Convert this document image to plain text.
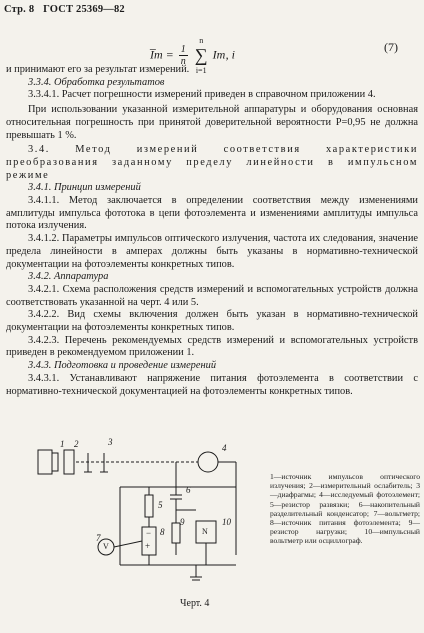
Стр. 8 ГОСТ 25369—82
I̅т = $\frac{1}{n}$
n
∑
i=1
Iт, i
(7)

и принимают его за результат измерений.

3.3.4. Обработка результатов

3.3.4.1. Расчет погрешности измерений приведен в справочном приложении 4.

При использовании указанной измерительной аппаратуры и оборудования основная относительная погрешность при принятой доверительной вероятности P=0,95 не должна превышать 1 %.

3.4. Метод измерений соответствия характеристики преобразования заданному пределу линейности в импульсном режиме

3.4.1. Принцип измерений

3.4.1.1. Метод заключается в определении соответствия между изменениями амплитуды импульса фототока в цепи фотоэлемента и изменениями амплитуды импульса потока излучения.

3.4.1.2. Параметры импульсов оптического излучения, частота их следования, значение предела линейности в амперах должны быть указаны в нормативно-технической документации на фотоэлементы конкретных типов.

3.4.2. Аппаратура

3.4.2.1. Схема расположения средств измерений и вспомогательных устройств должна соответствовать указанной на черт. 4 или 5.

3.4.2.2. Вид схемы включения должен быть указан в нормативно-технической документации на фотоэлементы конкретных типов.

3.4.2.3. Перечень рекомендуемых средств измерений и вспомогательных устройств приведен в рекомендуемом приложении 1.

3.4.3. Подготовка и проведение измерений

3.4.3.1. Устанавливают напряжение питания фотоэлемента в соответствии с нормативно-технической документацией на фотоэлементы конкретных типов.

1 2	3
4
5
6
7
8
9	10
V
N
+
−
1—источник импульсов оптического излучения; 2—измерительный ослабитель; 3—диафрагмы; 4—исследуемый фотоэлемент; 5—резистор развязки; 6—накопительный разделительный конденсатор; 7—вольтметр; 8—источник питания фотоэлемента; 9—резистор нагрузки; 10—импульсный вольтметр или осциллограф.
Черт. 4
